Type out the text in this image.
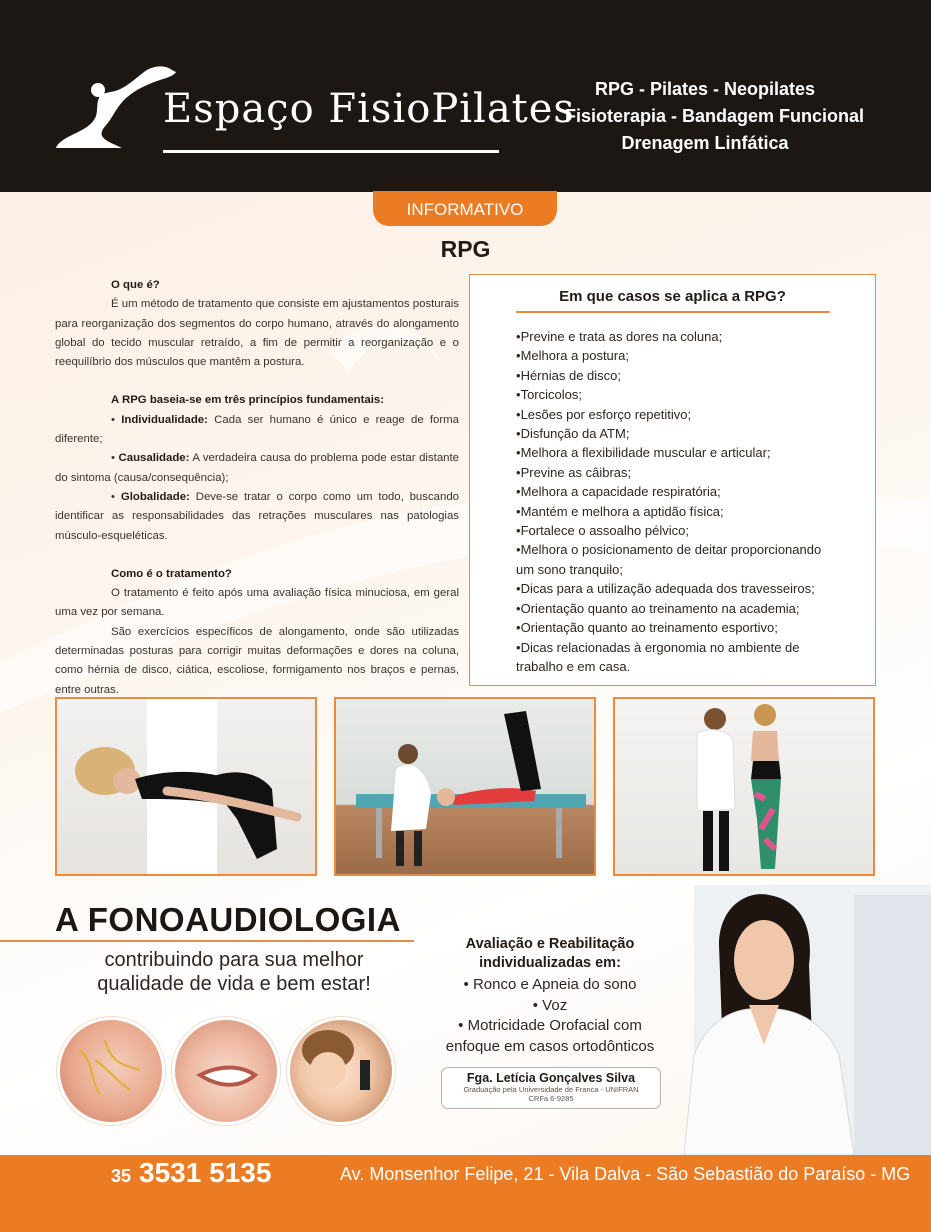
Espaço FisioPilates	RPG - Pilates - Neopilates
Fisioterapia - Bandagem Funcional
Drenagem Linfática
INFORMATIVO
RPG

O que é?

É um método de tratamento que consiste em ajustamentos posturais para reorganização dos segmentos do corpo humano, através do alongamento global do tecido muscular retraído, a fim de permitir a reorganização e o reequilíbrio dos músculos que mantêm a postura.

A RPG baseia-se em três princípios fundamentais:

• Individualidade: Cada ser humano é único e reage de forma diferente;

• Causalidade: A verdadeira causa do problema pode estar distante do sintoma (causa/consequência);

• Globalidade: Deve-se tratar o corpo como um todo, buscando identificar as responsabilidades das retrações musculares nas patologias músculo-esqueléticas.

Como é o tratamento?

O tratamento é feito após uma avaliação física minuciosa, em geral uma vez por semana.

São exercícios específicos de alongamento, onde são utilizadas determinadas posturas para corrigir muitas deformações e dores na coluna, como hérnia de disco, ciática, escoliose, formigamento nos braços e pernas, entre outras.

Em que casos se aplica a RPG?
• Previne e trata as dores na coluna;
• Melhora a postura;
• Hérnias de disco;
• Torcicolos;
• Lesões por esforço repetitivo;
• Disfunção da ATM;
• Melhora a flexibilidade muscular e articular;
• Previne as câibras;
• Melhora a capacidade respiratória;
• Mantém e melhora a aptidão física;
• Fortalece o assoalho pélvico;
• Melhora o posicionamento de deitar proporcionando um sono tranquilo;
• Dicas para a utilização adequada dos travesseiros;
• Orientação quanto ao treinamento na academia;
• Orientação quanto ao treinamento esportivo;
• Dicas relacionadas à ergonomia no ambiente de trabalho e em casa.
A FONOAUDIOLOGIA
contribuindo para sua melhor
qualidade de vida e bem estar!
Avaliação e Reabilitação
individualizadas em:
• Ronco e Apneia do sono
• Voz
• Motricidade Orofacial com
enfoque em casos ortodônticos
Fga. Letícia Gonçalves Silva
Graduação pela Universidade de Franca - UNIFRAN
CRFa 6-9285
35 3531 5135	Av. Monsenhor Felipe, 21 - Vila Dalva - São Sebastião do Paraíso - MG
